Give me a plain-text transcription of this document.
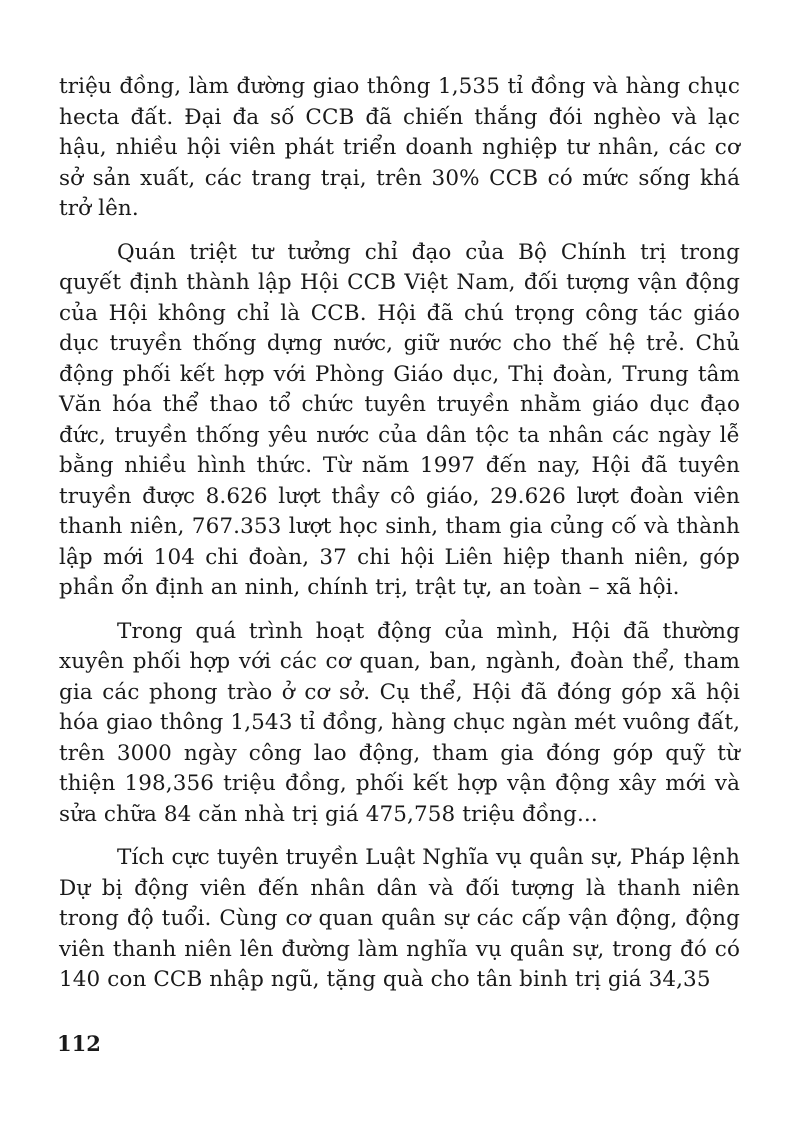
triệu đồng, làm đường giao thông 1,535 tỉ đồng và hàng chục hecta đất. Đại đa số CCB đã chiến thắng đói nghèo và lạc hậu, nhiều hội viên phát triển doanh nghiệp tư nhân, các cơ sở sản xuất, các trang trại, trên 30% CCB có mức sống khá trở lên.

Quán triệt tư tưởng chỉ đạo của Bộ Chính trị trong quyết định thành lập Hội CCB Việt Nam, đối tượng vận động của Hội không chỉ là CCB. Hội đã chú trọng công tác giáo dục truyền thống dựng nước, giữ nước cho thế hệ trẻ. Chủ động phối kết hợp với Phòng Giáo dục, Thị đoàn, Trung tâm Văn hóa thể thao tổ chức tuyên truyền nhằm giáo dục đạo đức, truyền thống yêu nước của dân tộc ta nhân các ngày lễ bằng nhiều hình thức. Từ năm 1997 đến nay, Hội đã tuyên truyền được 8.626 lượt thầy cô giáo, 29.626 lượt đoàn viên thanh niên, 767.353 lượt học sinh, tham gia củng cố và thành lập mới 104 chi đoàn, 37 chi hội Liên hiệp thanh niên, góp phần ổn định an ninh, chính trị, trật tự, an toàn – xã hội.

Trong quá trình hoạt động của mình, Hội đã thường xuyên phối hợp với các cơ quan, ban, ngành, đoàn thể, tham gia các phong trào ở cơ sở. Cụ thể, Hội đã đóng góp xã hội hóa giao thông 1,543 tỉ đồng, hàng chục ngàn mét vuông đất, trên 3000 ngày công lao động, tham gia đóng góp quỹ từ thiện 198,356 triệu đồng, phối kết hợp vận động xây mới và sửa chữa 84 căn nhà trị giá 475,758 triệu đồng...

Tích cực tuyên truyền Luật Nghĩa vụ quân sự, Pháp lệnh Dự bị động viên đến nhân dân và đối tượng là thanh niên trong độ tuổi. Cùng cơ quan quân sự các cấp vận động, động viên thanh niên lên đường làm nghĩa vụ quân sự, trong đó có 140 con CCB nhập ngũ, tặng quà cho tân binh trị giá 34,35

112
